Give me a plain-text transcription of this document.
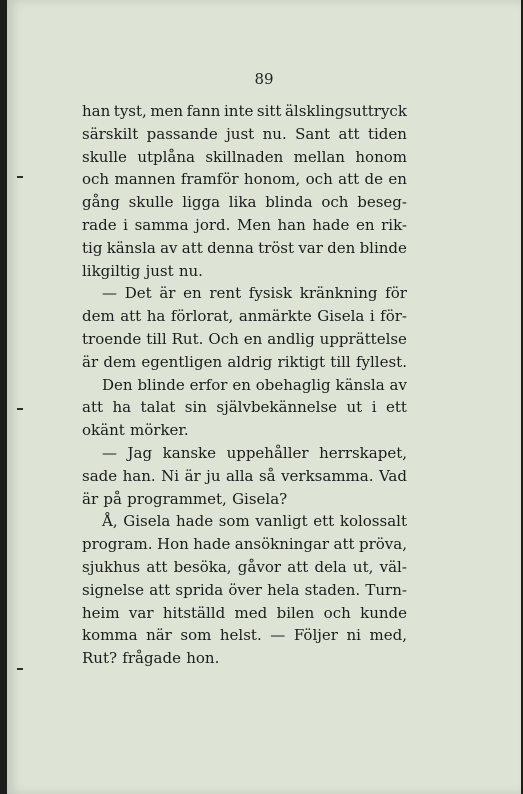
89
han tyst, men fann inte sitt älsklingsuttryck
särskilt passande just nu. Sant att tiden
skulle utplåna skillnaden mellan honom
och mannen framför honom, och att de en
gång skulle ligga lika blinda och beseg-
rade i samma jord. Men han hade en rik-
tig känsla av att denna tröst var den blinde
likgiltig just nu.
— Det är en rent fysisk kränkning för
dem att ha förlorat, anmärkte Gisela i för-
troende till Rut. Och en andlig upprättelse
är dem egentligen aldrig riktigt till fyllest.
Den blinde erfor en obehaglig känsla av
att ha talat sin självbekännelse ut i ett
okänt mörker.
— Jag kanske uppehåller herrskapet,
sade han. Ni är ju alla så verksamma. Vad
är på programmet, Gisela?
Å, Gisela hade som vanligt ett kolossalt
program. Hon hade ansökningar att pröva,
sjukhus att besöka, gåvor att dela ut, väl-
signelse att sprida över hela staden. Turn-
heim var hitställd med bilen och kunde
komma när som helst. — Följer ni med,
Rut? frågade hon.
